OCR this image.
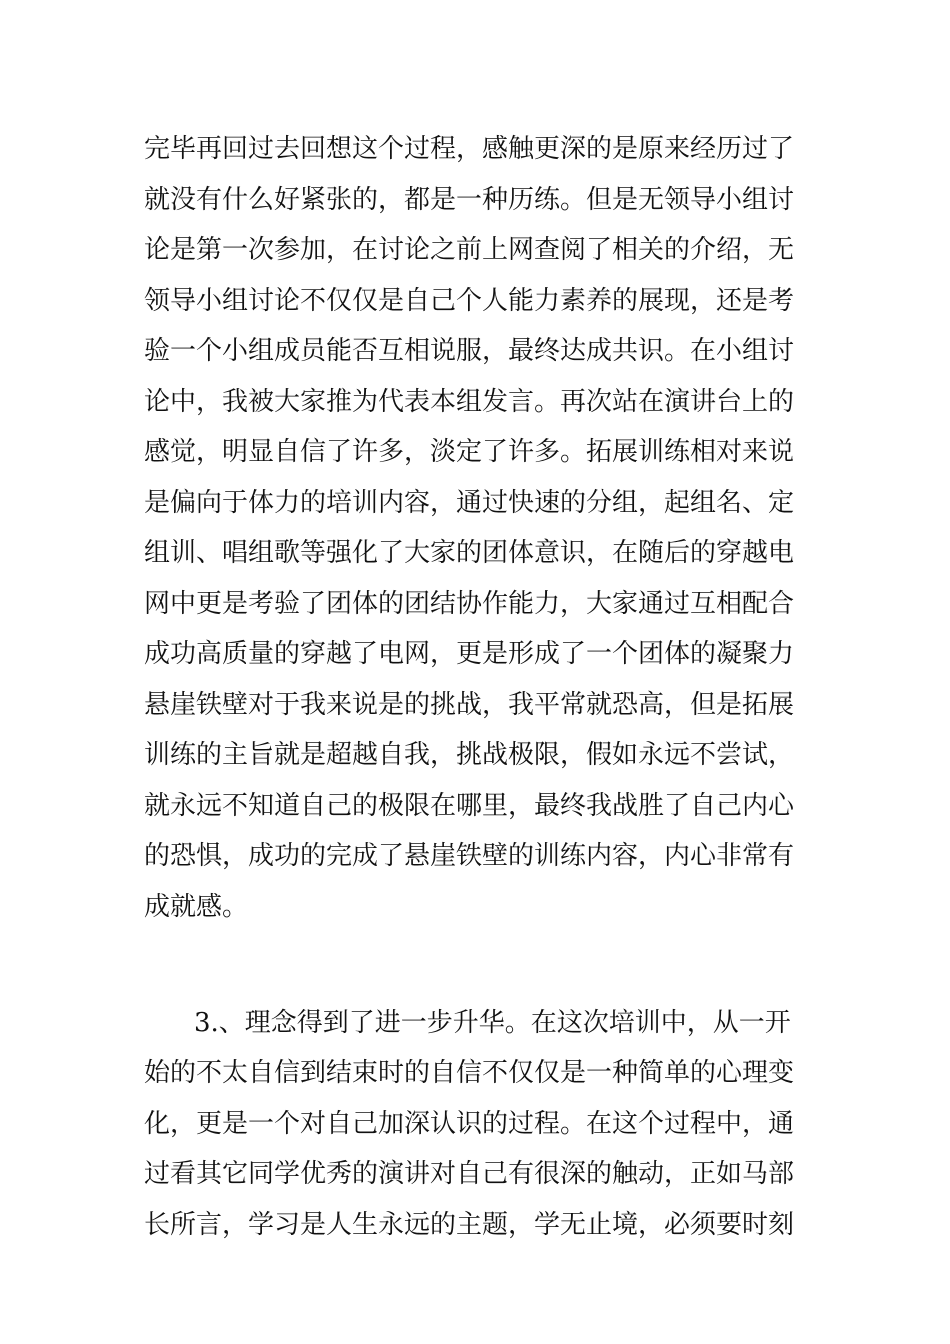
完毕再回过去回想这个过程，感触更深的是原来经历过了
就没有什么好紧张的，都是一种历练。但是无领导小组讨
论是第一次参加，在讨论之前上网查阅了相关的介绍，无
领导小组讨论不仅仅是自己个人能力素养的展现，还是考
验一个小组成员能否互相说服，最终达成共识。在小组讨
论中，我被大家推为代表本组发言。再次站在演讲台上的
感觉，明显自信了许多，淡定了许多。拓展训练相对来说
是偏向于体力的培训内容，通过快速的分组，起组名、定
组训、唱组歌等强化了大家的团体意识，在随后的穿越电
网中更是考验了团体的团结协作能力，大家通过互相配合
成功高质量的穿越了电网，更是形成了一个团体的凝聚力
悬崖铁壁对于我来说是的挑战，我平常就恐高，但是拓展
训练的主旨就是超越自我，挑战极限，假如永远不尝试，
就永远不知道自己的极限在哪里，最终我战胜了自己内心
的恐惧，成功的完成了悬崖铁壁的训练内容，内心非常有
成就感。
3.、理念得到了进一步升华。在这次培训中，从一开
始的不太自信到结束时的自信不仅仅是一种简单的心理变
化，更是一个对自己加深认识的过程。在这个过程中，通
过看其它同学优秀的演讲对自己有很深的触动，正如马部
长所言，学习是人生永远的主题，学无止境，必须要时刻
